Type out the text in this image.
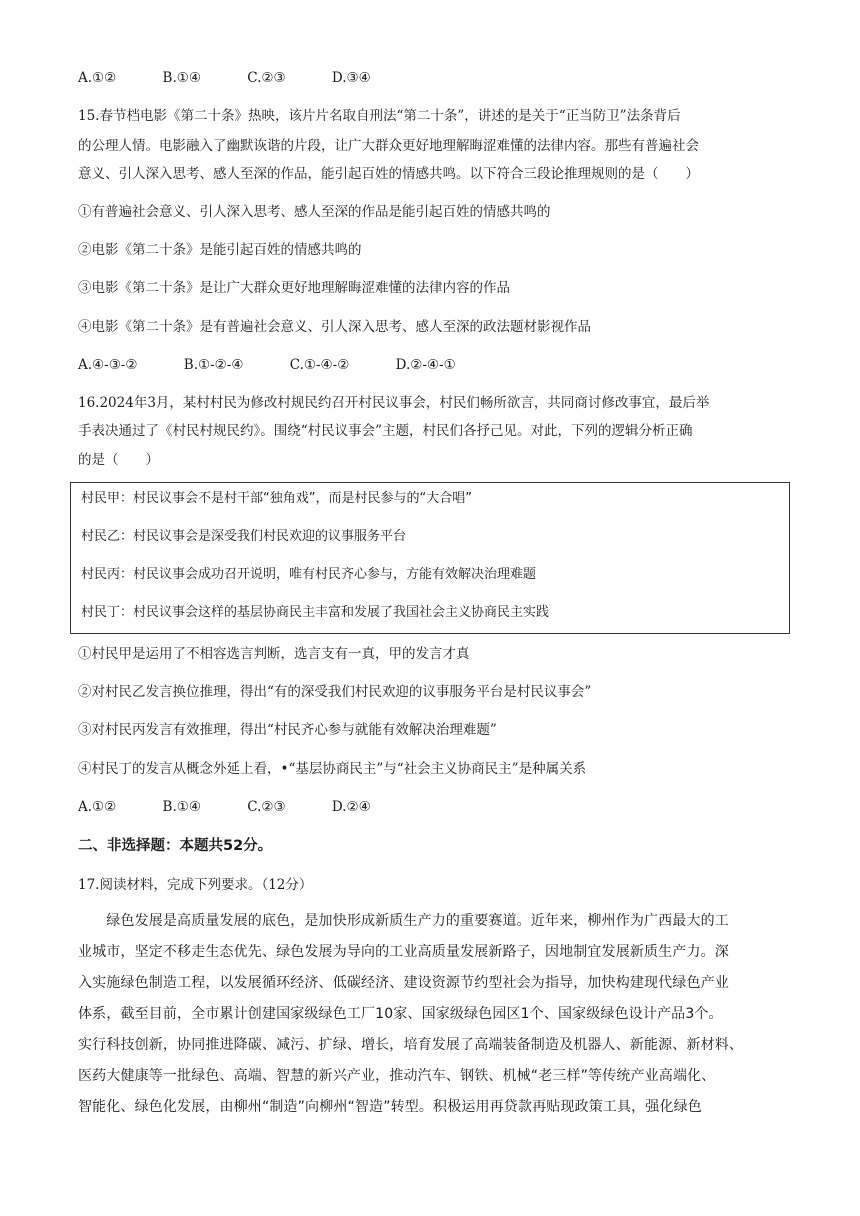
A.①②	B.①④	C.②③	D.③④
15.春节档电影《第二十条》热映，该片片名取自刑法“第二十条”，讲述的是关于“正当防卫”法条背后
的公理人情。电影融入了幽默诙谐的片段，让广大群众更好地理解晦涩难懂的法律内容。那些有普遍社会
意义、引人深入思考、感人至深的作品，能引起百姓的情感共鸣。以下符合三段论推理规则的是（　　）
①有普遍社会意义、引人深入思考、感人至深的作品是能引起百姓的情感共鸣的
②电影《第二十条》是能引起百姓的情感共鸣的
③电影《第二十条》是让广大群众更好地理解晦涩难懂的法律内容的作品
④电影《第二十条》是有普遍社会意义、引人深入思考、感人至深的政法题材影视作品
A.④-③-②	B.①-②-④	C.①-④-②	D.②-④-①
16.2024年3月，某村村民为修改村规民约召开村民议事会，村民们畅所欲言，共同商讨修改事宜，最后举
手表决通过了《村民村规民约》。围绕“村民议事会”主题，村民们各抒己见。对此，下列的逻辑分析正确
的是（　　）
村民甲：村民议事会不是村干部“独角戏”，而是村民参与的“大合唱”
村民乙：村民议事会是深受我们村民欢迎的议事服务平台
村民丙：村民议事会成功召开说明，唯有村民齐心参与，方能有效解决治理难题
村民丁：村民议事会这样的基层协商民主丰富和发展了我国社会主义协商民主实践
①村民甲是运用了不相容选言判断，选言支有一真，甲的发言才真
②对村民乙发言换位推理，得出“有的深受我们村民欢迎的议事服务平台是村民议事会”
③对村民丙发言有效推理，得出“村民齐心参与就能有效解决治理难题”
④村民丁的发言从概念外延上看，•“基层协商民主”与“社会主义协商民主”是种属关系
A.①②	B.①④	C.②③	D.②④
二、非选择题：本题共52分。
17.阅读材料，完成下列要求。（12分）
　　绿色发展是高质量发展的底色，是加快形成新质生产力的重要赛道。近年来，柳州作为广西最大的工
业城市，坚定不移走生态优先、绿色发展为导向的工业高质量发展新路子，因地制宜发展新质生产力。深
入实施绿色制造工程，以发展循环经济、低碳经济、建设资源节约型社会为指导，加快构建现代绿色产业
体系，截至目前，全市累计创建国家级绿色工厂10家、国家级绿色园区1个、国家级绿色设计产品3个。
实行科技创新，协同推进降碳、减污、扩绿、增长，培育发展了高端装备制造及机器人、新能源、新材料、
医药大健康等一批绿色、高端、智慧的新兴产业，推动汽车、钢铁、机械“老三样”等传统产业高端化、
智能化、绿色化发展，由柳州“制造”向柳州“智造”转型。积极运用再贷款再贴现政策工具，强化绿色
